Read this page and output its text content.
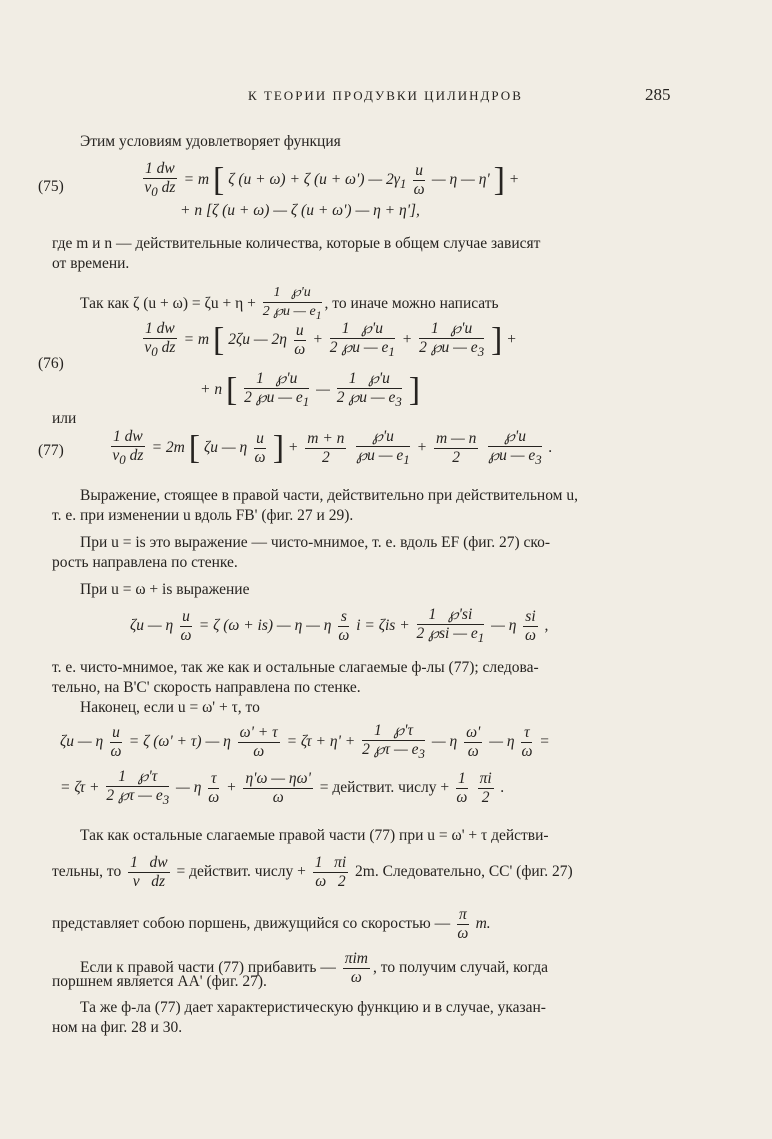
К ТЕОРИИ ПРОДУВКИ ЦИЛИНДРОВ	285
Этим условиям удовлетворяет функция
(75)	$\frac{1 dw}{v_0 dz} = m$ [ ζ (u + ω) + ζ (u + ω') — $2\gamma_1 \frac{u}{\omega}$ — η — η' ] +
+ n [ζ (u + ω) — ζ (u + ω') — η + η'],
где m и n — действительные количества, которые в общем случае зависят
от времени.
Так как ζ $(u + \omega) = \zeta u + \eta + \frac{1 ℘'u}{2 ℘u — e_1}$ , то иначе можно написать
(76)
$\frac{1 dw}{v_0 dz} = m$ [ 2ζu — $2\eta \frac{u}{\omega} + \frac{1 ℘'u}{2 ℘u — e_1} + \frac{1 ℘'u}{2 ℘u — e_3}$ ] +
+ n [ $\frac{1 ℘'u}{2 ℘u — e_1}$ — $\frac{1 ℘'u}{2 ℘u — e_3}$ ]
или
(77)	$\frac{1 dw}{v_0 dz} = 2m$ [ ζu — η $\frac{u}{\omega}$ ] + $\frac{m + n}{2}$
$\frac{℘'u}{℘u — e_1} + \frac{m — n}{2}$
$\frac{℘'u}{℘u — e_3}$ .
Выражение, стоящее в правой части, действительно при действительном u,
т. е. при изменении u вдоль FB' (фиг. 27 и 29).
При u = is это выражение — чисто-мнимое, т. е. вдоль EF (фиг. 27) ско-
рость направлена по стенке.
При u = ω + is выражение
ζu — η $\frac{u}{\omega} = \zeta$ (ω + is) — η — η $\frac{s}{\omega}$ $i = \zeta is + \frac{1 ℘'si}{2 ℘si — e_1}$ — η $\frac{si}{\omega}$ ,
т. е. чисто-мнимое, так же как и остальные слагаемые ф-лы (77); следова-
тельно, на B'C' скорость направлена по стенке.
Наконец, если u = ω' + τ, то
ζu — η $\frac{u}{\omega} = \zeta$ (ω' + τ) — η $\frac{\omega' + \tau}{\omega} = \zeta\tau + \eta' + \frac{1 ℘'\tau}{2 ℘\tau — e_3}$ — η $\frac{\omega'}{\omega}$ — η $\frac{\tau}{\omega}$ =
= $\zeta\tau + \frac{1 ℘'\tau}{2 ℘\tau — e_3}$ — η $\frac{\tau}{\omega} + \frac{\eta'\omega — \eta\omega'}{\omega}$ = действит. числу + $\frac{1}{\omega}$
$\frac{\pi i}{2}$ .
Так как остальные слагаемые правой части (77) при u = ω' + τ действи-
тельны, то $\frac{1 dw}{\text{v   dz}}$ = действит. числу + $\frac{1 \pi i}{\omega 2} 2m$. Следовательно, CC' (фиг. 27)
представляет собою поршень, движущийся со скоростью — $\frac{\pi}{\omega} m$.
Если к правой части (77) прибавить —
πim
ω
, то получим случай, когда
поршнем является AA' (фиг. 27).
Та же ф-ла (77) дает характеристическую функцию и в случае, указан-
ном на фиг. 28 и 30.
